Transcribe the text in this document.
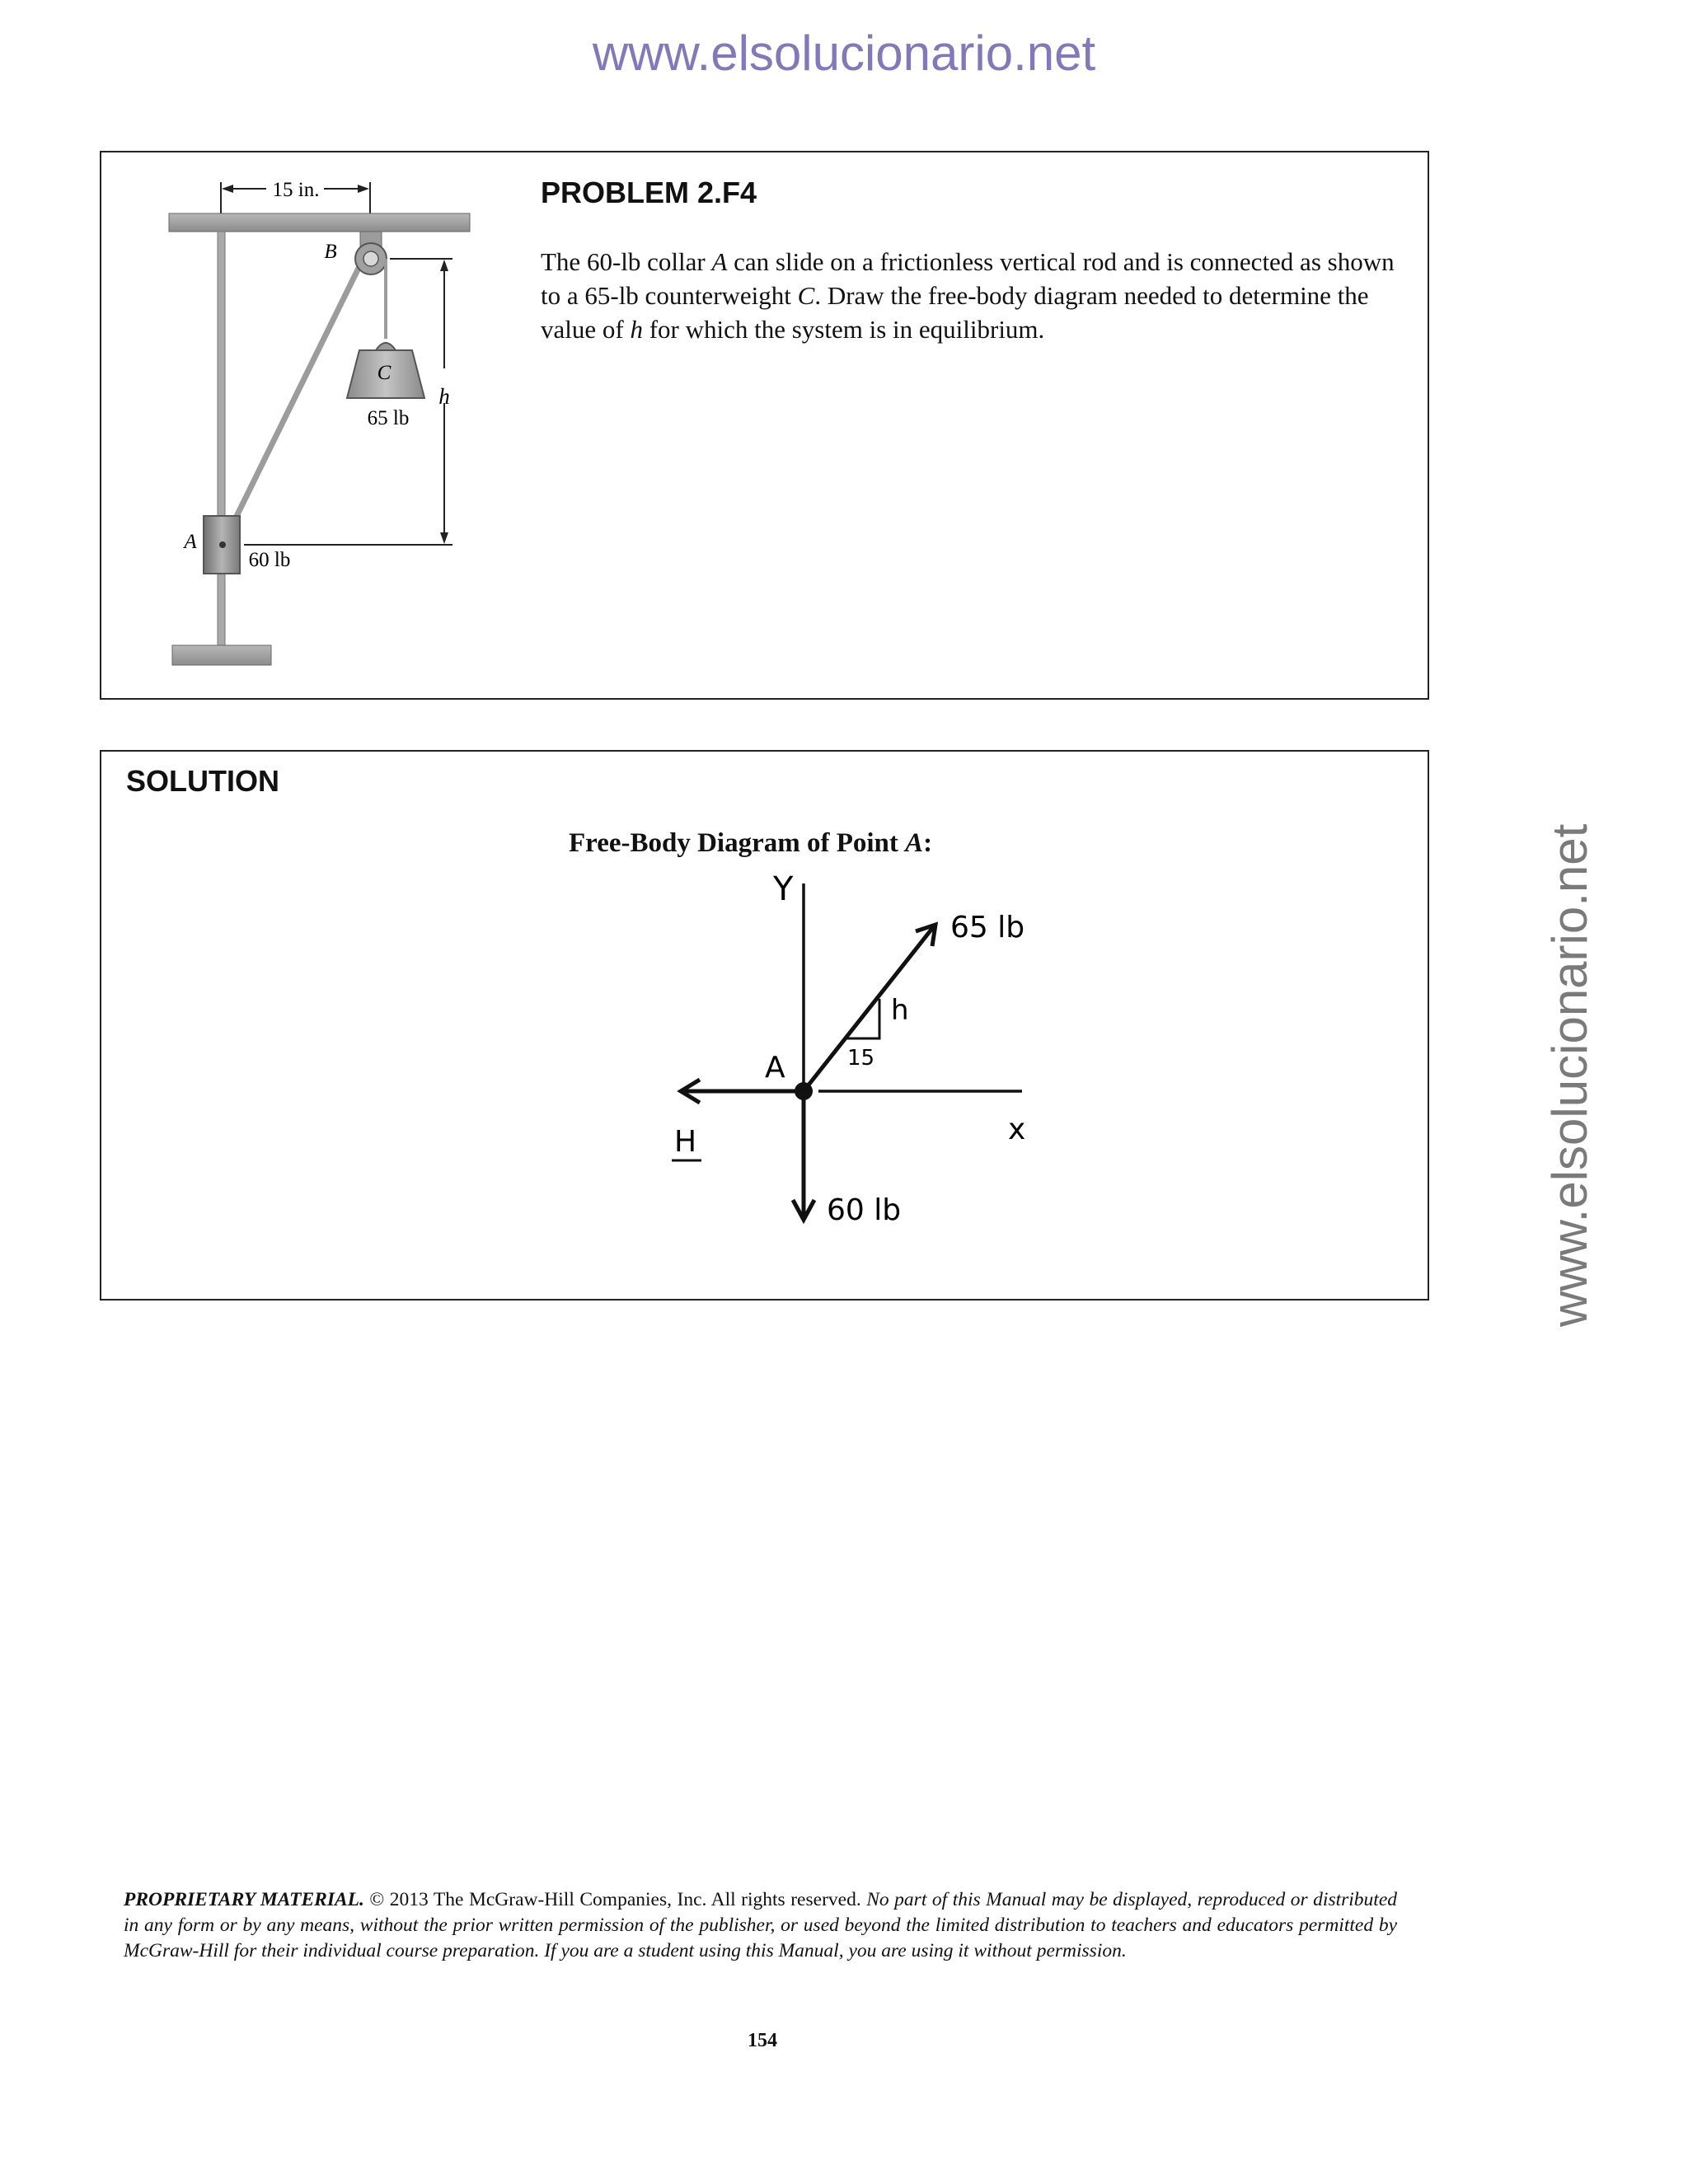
www.elsolucionario.net
www.elsolucionario.net
15 in.
C
65 lb
B
h
A
60 lb
PROBLEM 2.F4
The 60-lb collar A can slide on a frictionless vertical rod and is connected as shown to a 65-lb counterweight C. Draw the free-body diagram needed to determine the value of h for which the system is in equilibrium.
SOLUTION
Free-Body Diagram of Point A:
Y
x
H
60 lb
65 lb
h
15
A
PROPRIETARY MATERIAL. © 2013 The McGraw-Hill Companies, Inc. All rights reserved. No part of this Manual may be displayed, reproduced or distributed in any form or by any means, without the prior written permission of the publisher, or used beyond the limited distribution to teachers and educators permitted by McGraw-Hill for their individual course preparation. If you are a student using this Manual, you are using it without permission.
154
